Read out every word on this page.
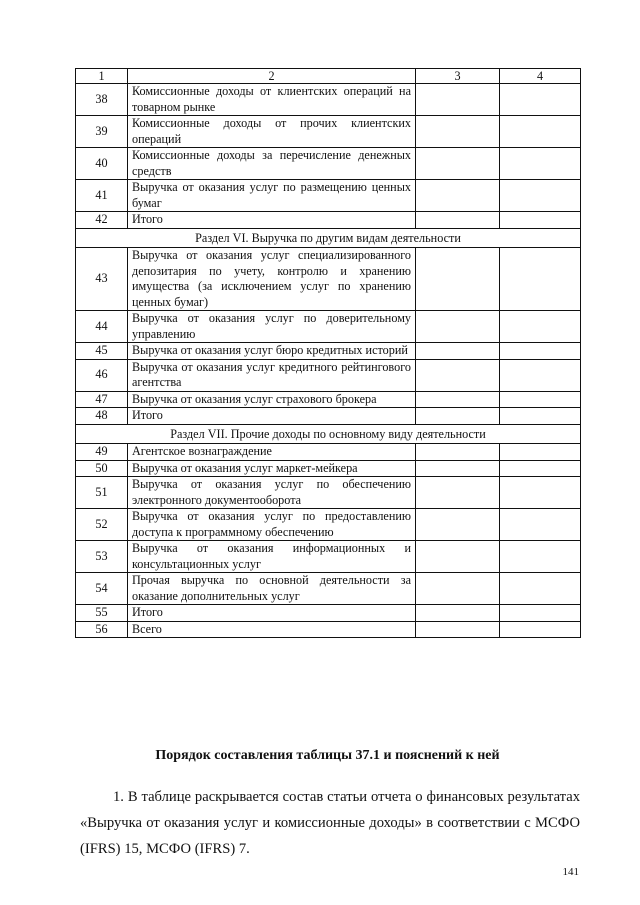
1	2	3	4
38	Комиссионные доходы от клиентских операций на товарном рынке		
39	Комиссионные доходы от прочих клиентских операций		
40	Комиссионные доходы за перечисление денежных средств		
41	Выручка от оказания услуг по размещению ценных бумаг		
42	Итого		
Раздел VI. Выручка по другим видам деятельности			
43	Выручка от оказания услуг специализированного депозитария по учету, контролю и хранению имущества (за исключением услуг по хранению ценных бумаг)		
44	Выручка от оказания услуг по доверительному управлению		
45	Выручка от оказания услуг бюро кредитных историй		
46	Выручка от оказания услуг кредитного рейтингового агентства		
47	Выручка от оказания услуг страхового брокера		
48	Итого		
Раздел VII. Прочие доходы по основному виду деятельности			
49	Агентское вознаграждение		
50	Выручка от оказания услуг маркет-мейкера		
51	Выручка от оказания услуг по обеспечению электронного документооборота		
52	Выручка от оказания услуг по предоставлению доступа к программному обеспечению		
53	Выручка от оказания информационных и консультационных услуг		
54	Прочая выручка по основной деятельности за оказание дополнительных услуг		
55	Итого		
56	Всего		
Порядок составления таблицы 37.1 и пояснений к ней
1. В таблице раскрывается состав статьи отчета о финансовых результатах «Выручка от оказания услуг и комиссионные доходы» в соответствии с МСФО (IFRS) 15, МСФО (IFRS) 7.
141
